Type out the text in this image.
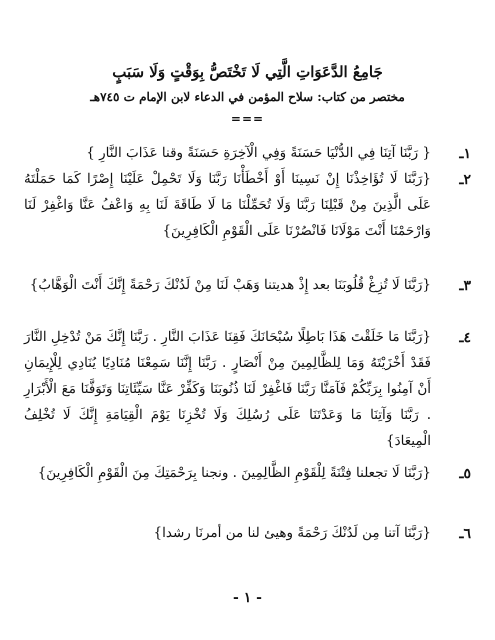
جَامِعُ الدَّعَوَاتِ الَّتِي لَا تَخْتَصُّ بِوَقْتٍ وَلَا سَبَبٍ
مختصر من كتاب: سلاح المؤمن في الدعاء لابن الإمام ت ٧٤٥هـ
===
١ـ
{ رَبَّنَا آتِنَا فِي الدُّنْيَا حَسَنَةً وَفِي الْآخِرَةِ حَسَنَةً وقنا عَذَابَ النَّارِ }
٢ـ
{رَبَّنَا لَا تُؤَاخِذْنَا إِنْ نَسِينَا أَوْ أَخْطَأْنَا رَبَّنَا وَلَا تَحْمِلْ عَلَيْنَا إِصْرًا كَمَا حَمَلْتَهُ عَلَى الَّذِينَ مِنْ قَبْلِنَا رَبَّنَا وَلَا تُحَمِّلْنَا مَا لَا طَاقَةَ لَنَا بِهِ وَاعْفُ عَنَّا وَاغْفِرْ لَنَا وَارْحَمْنَا أَنْتَ مَوْلَانَا فَانْصُرْنَا عَلَى الْقَوْمِ الْكَافِرِينَ}
٣ـ
{رَبَّنَا لَا تُزِغْ قُلُوبَنَا بعد إِذْ هديتنا وَهَبْ لَنَا مِنْ لَدُنْكَ رَحْمَةً إِنَّكَ أَنْتَ الْوَهَّابُ}
٤ـ
{رَبَّنَا مَا خَلَقْتَ هَذَا بَاطِلًا سُبْحَانَكَ فَقِنَا عَذَابَ النَّارِ . رَبَّنَا إِنَّكَ مَنْ تُدْخِلِ النَّارَ فَقَدْ أَخْزَيْتَهُ وَمَا لِلظَّالِمِينَ مِنْ أَنْصَارٍ . رَبَّنَا إِنَّنَا سَمِعْنَا مُنَادِيًا يُنَادِي لِلْإِيمَانِ أَنْ آمِنُوا بِرَبِّكُمْ فَآمَنَّا رَبَّنَا فَاغْفِرْ لَنَا ذُنُوبَنَا وَكَفِّرْ عَنَّا سَيِّئَاتِنَا وَتَوَفَّنَا مَعَ الْأَبْرَارِ . رَبَّنَا وَآتِنَا مَا وَعَدْتَنَا عَلَى رُسُلِكَ وَلَا تُخْزِنَا يَوْمَ الْقِيَامَةِ إِنَّكَ لَا تُخْلِفُ الْمِيعَادَ}
٥ـ
{رَبَّنَا لَا تجعلنا فِتْنَةً لِلْقَوْمِ الظَّالِمِينَ . ونجنا بِرَحْمَتِكَ مِنَ الْقَوْمِ الْكَافِرِينَ}
٦ـ
{رَبَّنَا آتنا مِن لَدُنْكَ رَحْمَةً وهيئ لنا من أمرنَا رشدا}
- ١ -
